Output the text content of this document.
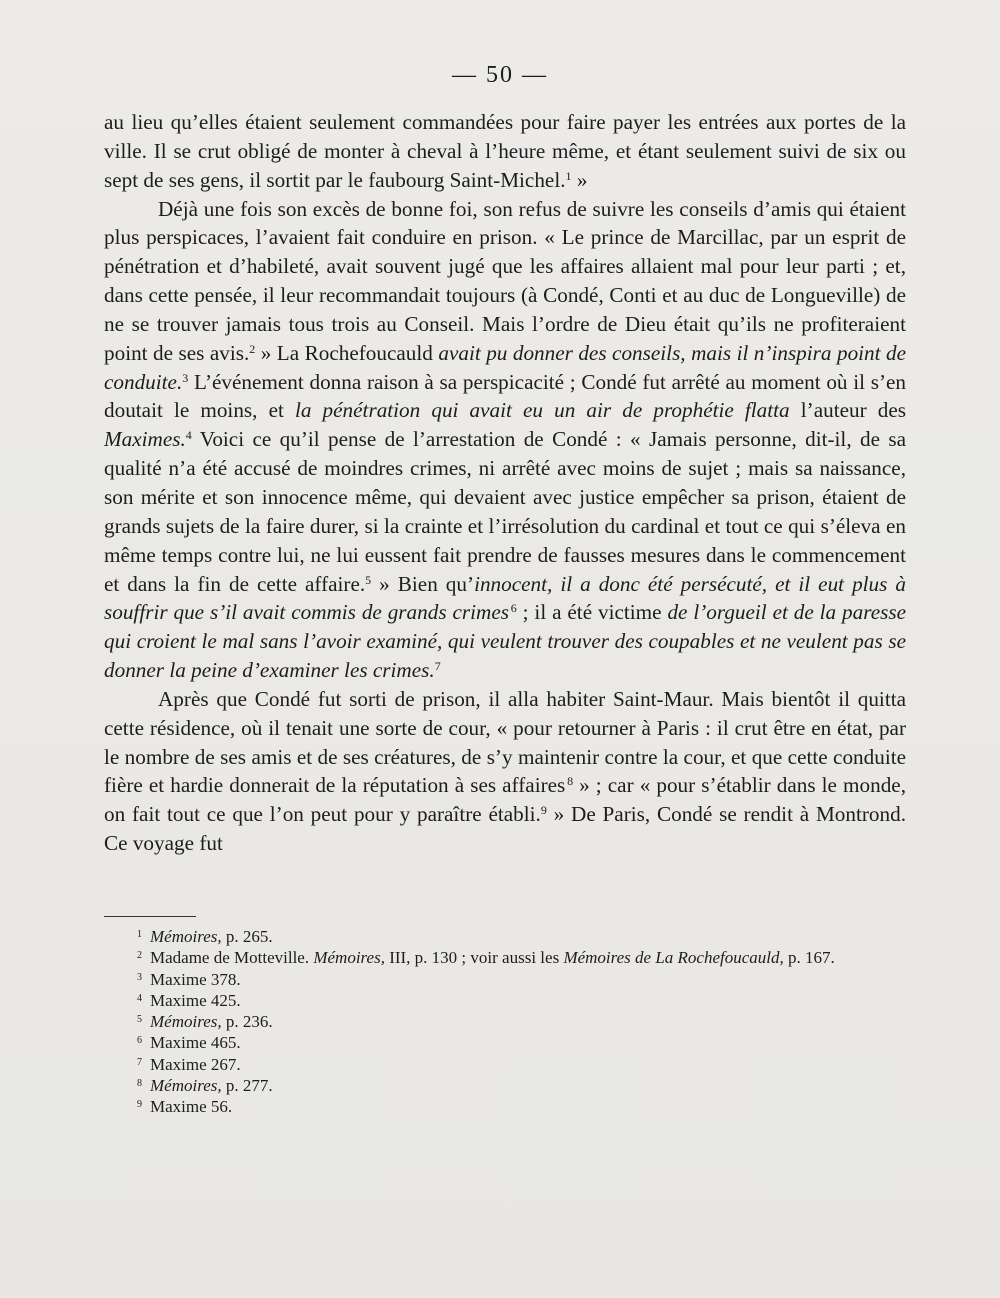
— 50 —

au lieu qu’elles étaient seulement commandées pour faire payer les entrées aux portes de la ville. Il se crut obligé de monter à cheval à l’heure même, et étant seulement suivi de six ou sept de ses gens, il sortit par le faubourg Saint-Michel.$^1$ »

Déjà une fois son excès de bonne foi, son refus de suivre les conseils d’amis qui étaient plus perspicaces, l’avaient fait conduire en prison. « Le prince de Marcillac, par un esprit de pénétration et d’habileté, avait souvent jugé que les affaires allaient mal pour leur parti ; et, dans cette pensée, il leur recommandait toujours (à Condé, Conti et au duc de Longueville) de ne se trouver jamais tous trois au Conseil. Mais l’ordre de Dieu était qu’ils ne profiteraient point de ses avis.$^2$ » La Rochefoucauld avait pu donner des conseils, mais il n’inspira point de conduite.$^3$ L’événement donna raison à sa perspicacité ; Condé fut arrêté au moment où il s’en doutait le moins, et la pénétration qui avait eu un air de prophétie flatta l’auteur des Maximes.$^4$ Voici ce qu’il pense de l’arrestation de Condé : « Jamais personne, dit-il, de sa qualité n’a été accusé de moindres crimes, ni arrêté avec moins de sujet ; mais sa naissance, son mérite et son innocence même, qui devaient avec justice empêcher sa prison, étaient de grands sujets de la faire durer, si la crainte et l’irrésolution du cardinal et tout ce qui s’éleva en même temps contre lui, ne lui eussent fait prendre de fausses mesures dans le commencement et dans la fin de cette affaire.$^5$ » Bien qu’innocent, il a donc été persécuté, et il eut plus à souffrir que s’il avait commis de grands crimes  $^6$ ; il a été victime de l’orgueil et de la paresse qui croient le mal sans l’avoir examiné, qui veulent trouver des coupables et ne veulent pas se donner la peine d’examiner les crimes.$^7$

Après que Condé fut sorti de prison, il alla habiter Saint-Maur. Mais bientôt il quitta cette résidence, où il tenait une sorte de cour, « pour retourner à Paris : il crut être en état, par le nombre de ses amis et de ses créatures, de s’y maintenir contre la cour, et que cette conduite fière et hardie donnerait de la réputation à ses affaires  $^8$ » ; car « pour s’établir dans le monde, on fait tout ce que l’on peut pour y paraître établi.$^9$ » De Paris, Condé se rendit à Montrond. Ce voyage fut

$^1$ Mémoires, p. 265.
$^2$ Madame de Motteville. Mémoires, III, p. 130 ; voir aussi les Mémoires de La Rochefoucauld, p. 167.
$^3$ Maxime 378.
$^4$ Maxime 425.
$^5$ Mémoires, p. 236.
$^6$ Maxime 465.
$^7$ Maxime 267.
$^8$ Mémoires, p. 277.
$^9$ Maxime 56.
